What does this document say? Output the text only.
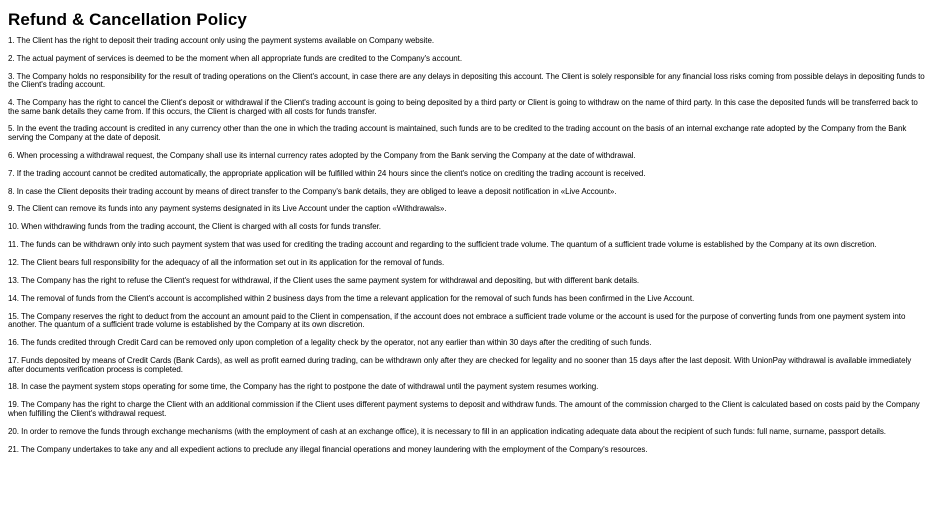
Refund & Cancellation Policy
1. The Client has the right to deposit their trading account only using the payment systems available on Company website.
2. The actual payment of services is deemed to be the moment when all appropriate funds are credited to the Company's account.
3. The Company holds no responsibility for the result of trading operations on the Client's account, in case there are any delays in depositing this account. The Client is solely responsible for any financial loss risks coming from possible delays in depositing funds to the Client's trading account.
4. The Company has the right to cancel the Client's deposit or withdrawal if the Client's trading account is going to being deposited by a third party or Client is going to withdraw on the name of third party. In this case the deposited funds will be transferred back to the same bank details they came from. If this occurs, the Client is charged with all costs for funds transfer.
5. In the event the trading account is credited in any currency other than the one in which the trading account is maintained, such funds are to be credited to the trading account on the basis of an internal exchange rate adopted by the Company from the Bank serving the Company at the date of deposit.
6. When processing a withdrawal request, the Company shall use its internal currency rates adopted by the Company from the Bank serving the Company at the date of withdrawal.
7. If the trading account cannot be credited automatically, the appropriate application will be fulfilled within 24 hours since the client's notice on crediting the trading account is received.
8. In case the Client deposits their trading account by means of direct transfer to the Company's bank details, they are obliged to leave a deposit notification in «Live Account».
9. The Client can remove its funds into any payment systems designated in its Live Account under the caption «Withdrawals».
10. When withdrawing funds from the trading account, the Client is charged with all costs for funds transfer.
11. The funds can be withdrawn only into such payment system that was used for crediting the trading account and regarding to the sufficient trade volume. The quantum of a sufficient trade volume is established by the Company at its own discretion.
12. The Client bears full responsibility for the adequacy of all the information set out in its application for the removal of funds.
13. The Company has the right to refuse the Client's request for withdrawal, if the Client uses the same payment system for withdrawal and depositing, but with different bank details.
14. The removal of funds from the Client's account is accomplished within 2 business days from the time a relevant application for the removal of such funds has been confirmed in the Live Account.
15. The Company reserves the right to deduct from the account an amount paid to the Client in compensation, if the account does not embrace a sufficient trade volume or the account is used for the purpose of converting funds from one payment system into another. The quantum of a sufficient trade volume is established by the Company at its own discretion.
16. The funds credited through Credit Card can be removed only upon completion of a legality check by the operator, not any earlier than within 30 days after the crediting of such funds.
17. Funds deposited by means of Credit Cards (Bank Cards), as well as profit earned during trading, can be withdrawn only after they are checked for legality and no sooner than 15 days after the last deposit. With UnionPay withdrawal is available immediately after documents verification process is completed.
18. In case the payment system stops operating for some time, the Company has the right to postpone the date of withdrawal until the payment system resumes working.
19. The Company has the right to charge the Client with an additional commission if the Client uses different payment systems to deposit and withdraw funds. The amount of the commission charged to the Client is calculated based on costs paid by the Company when fulfilling the Client's withdrawal request.
20. In order to remove the funds through exchange mechanisms (with the employment of cash at an exchange office), it is necessary to fill in an application indicating adequate data about the recipient of such funds: full name, surname, passport details.
21. The Company undertakes to take any and all expedient actions to preclude any illegal financial operations and money laundering with the employment of the Company's resources.
